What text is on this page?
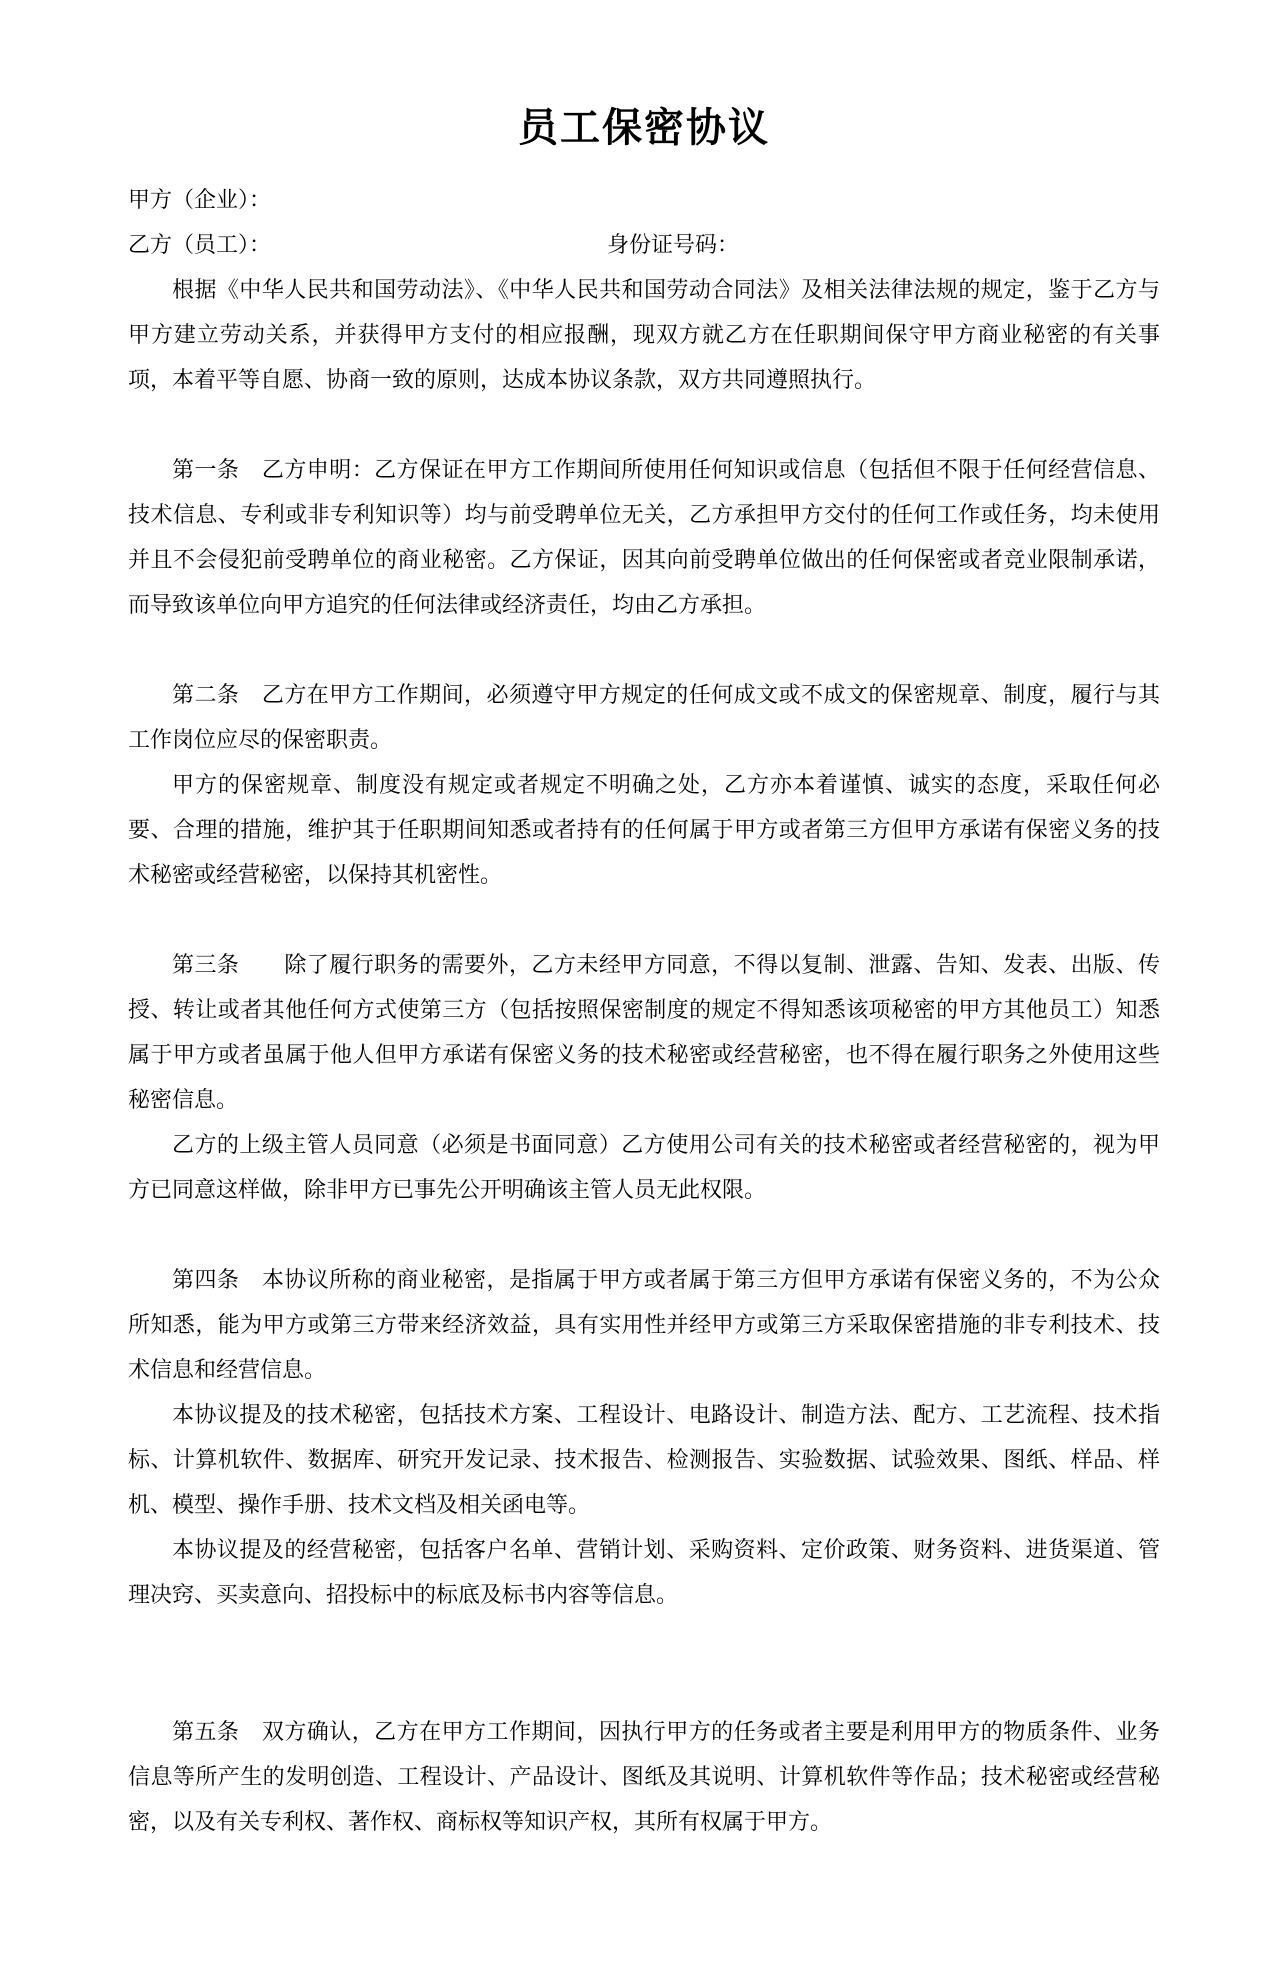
员工保密协议
甲方（企业）：
乙方（员工）：	身份证号码：

根据《中华人民共和国劳动法》、《中华人民共和国劳动合同法》及相关法律法规的规定，鉴于乙方与甲方建立劳动关系，并获得甲方支付的相应报酬，现双方就乙方在任职期间保守甲方商业秘密的有关事项，本着平等自愿、协商一致的原则，达成本协议条款，双方共同遵照执行。

第一条　乙方申明：乙方保证在甲方工作期间所使用任何知识或信息（包括但不限于任何经营信息、技术信息、专利或非专利知识等）均与前受聘单位无关，乙方承担甲方交付的任何工作或任务，均未使用并且不会侵犯前受聘单位的商业秘密。乙方保证，因其向前受聘单位做出的任何保密或者竞业限制承诺，而导致该单位向甲方追究的任何法律或经济责任，均由乙方承担。

第二条　乙方在甲方工作期间，必须遵守甲方规定的任何成文或不成文的保密规章、制度，履行与其工作岗位应尽的保密职责。

甲方的保密规章、制度没有规定或者规定不明确之处，乙方亦本着谨慎、诚实的态度，采取任何必要、合理的措施，维护其于任职期间知悉或者持有的任何属于甲方或者第三方但甲方承诺有保密义务的技术秘密或经营秘密，以保持其机密性。

第三条　　除了履行职务的需要外，乙方未经甲方同意，不得以复制、泄露、告知、发表、出版、传授、转让或者其他任何方式使第三方（包括按照保密制度的规定不得知悉该项秘密的甲方其他员工）知悉属于甲方或者虽属于他人但甲方承诺有保密义务的技术秘密或经营秘密，也不得在履行职务之外使用这些秘密信息。

乙方的上级主管人员同意（必须是书面同意）乙方使用公司有关的技术秘密或者经营秘密的，视为甲方已同意这样做，除非甲方已事先公开明确该主管人员无此权限。

第四条　本协议所称的商业秘密，是指属于甲方或者属于第三方但甲方承诺有保密义务的，不为公众所知悉，能为甲方或第三方带来经济效益，具有实用性并经甲方或第三方采取保密措施的非专利技术、技术信息和经营信息。

本协议提及的技术秘密，包括技术方案、工程设计、电路设计、制造方法、配方、工艺流程、技术指标、计算机软件、数据库、研究开发记录、技术报告、检测报告、实验数据、试验效果、图纸、样品、样机、模型、操作手册、技术文档及相关函电等。

本协议提及的经营秘密，包括客户名单、营销计划、采购资料、定价政策、财务资料、进货渠道、管理决窍、买卖意向、招投标中的标底及标书内容等信息。

第五条　双方确认，乙方在甲方工作期间，因执行甲方的任务或者主要是利用甲方的物质条件、业务信息等所产生的发明创造、工程设计、产品设计、图纸及其说明、计算机软件等作品；技术秘密或经营秘密，以及有关专利权、著作权、商标权等知识产权，其所有权属于甲方。
